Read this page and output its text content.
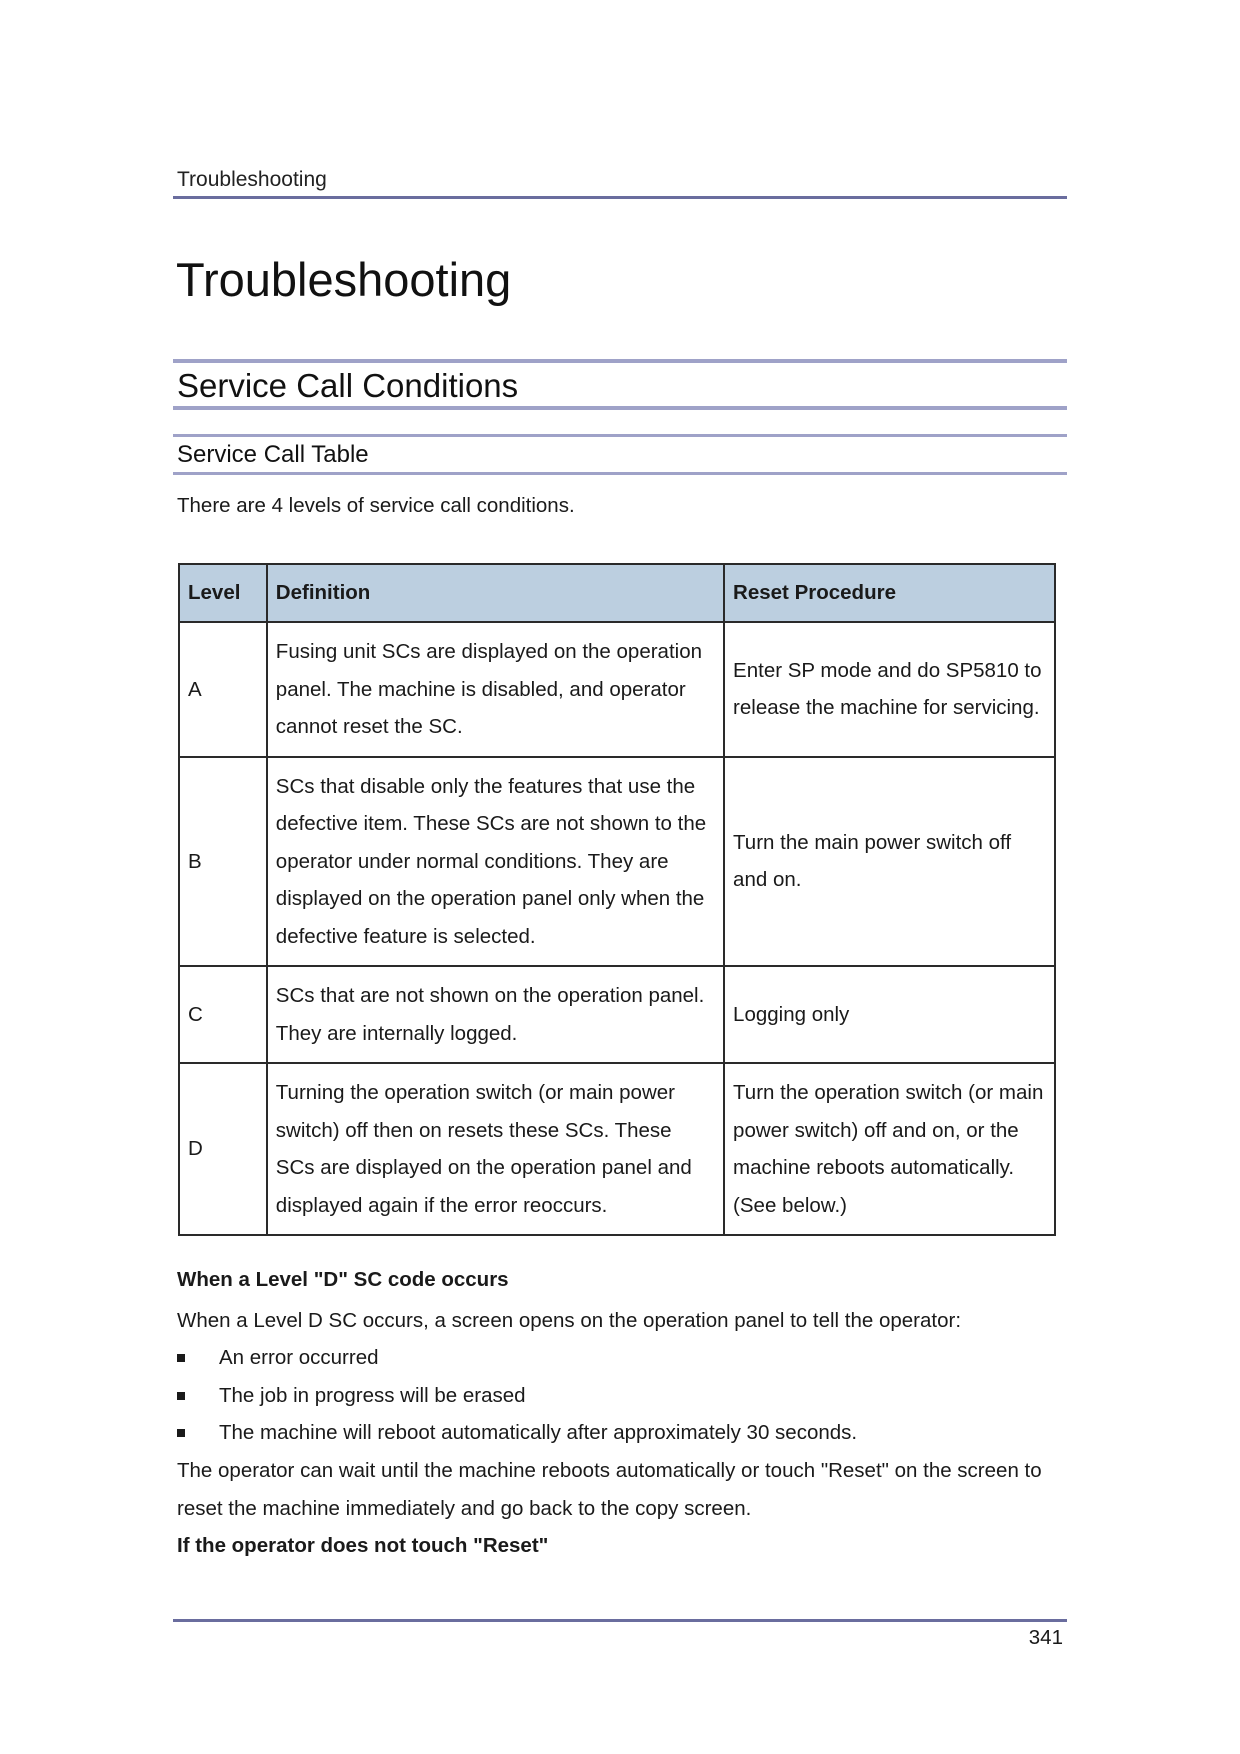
Troubleshooting
Troubleshooting
Service Call Conditions
Service Call Table

There are 4 levels of service call conditions.

Level	Definition	Reset Procedure
A	Fusing unit SCs are displayed on the operation panel. The machine is disabled, and operator cannot reset the SC.	Enter SP mode and do SP5810 to release the machine for servicing.
B	SCs that disable only the features that use the defective item. These SCs are not shown to the operator under normal conditions. They are displayed on the operation panel only when the defective feature is selected.	Turn the main power switch off and on.
C	SCs that are not shown on the operation panel. They are internally logged.	Logging only
D	Turning the operation switch (or main power switch) off then on resets these SCs. These SCs are displayed on the operation panel and displayed again if the error reoccurs.	Turn the operation switch (or main power switch) off and on, or the machine reboots automatically. (See below.)

When a Level "D" SC code occurs

When a Level D SC occurs, a screen opens on the operation panel to tell the operator:

An error occurred
The job in progress will be erased
The machine will reboot automatically after approximately 30 seconds.

The operator can wait until the machine reboots automatically or touch "Reset" on the screen to reset the machine immediately and go back to the copy screen.

If the operator does not touch "Reset"

341
